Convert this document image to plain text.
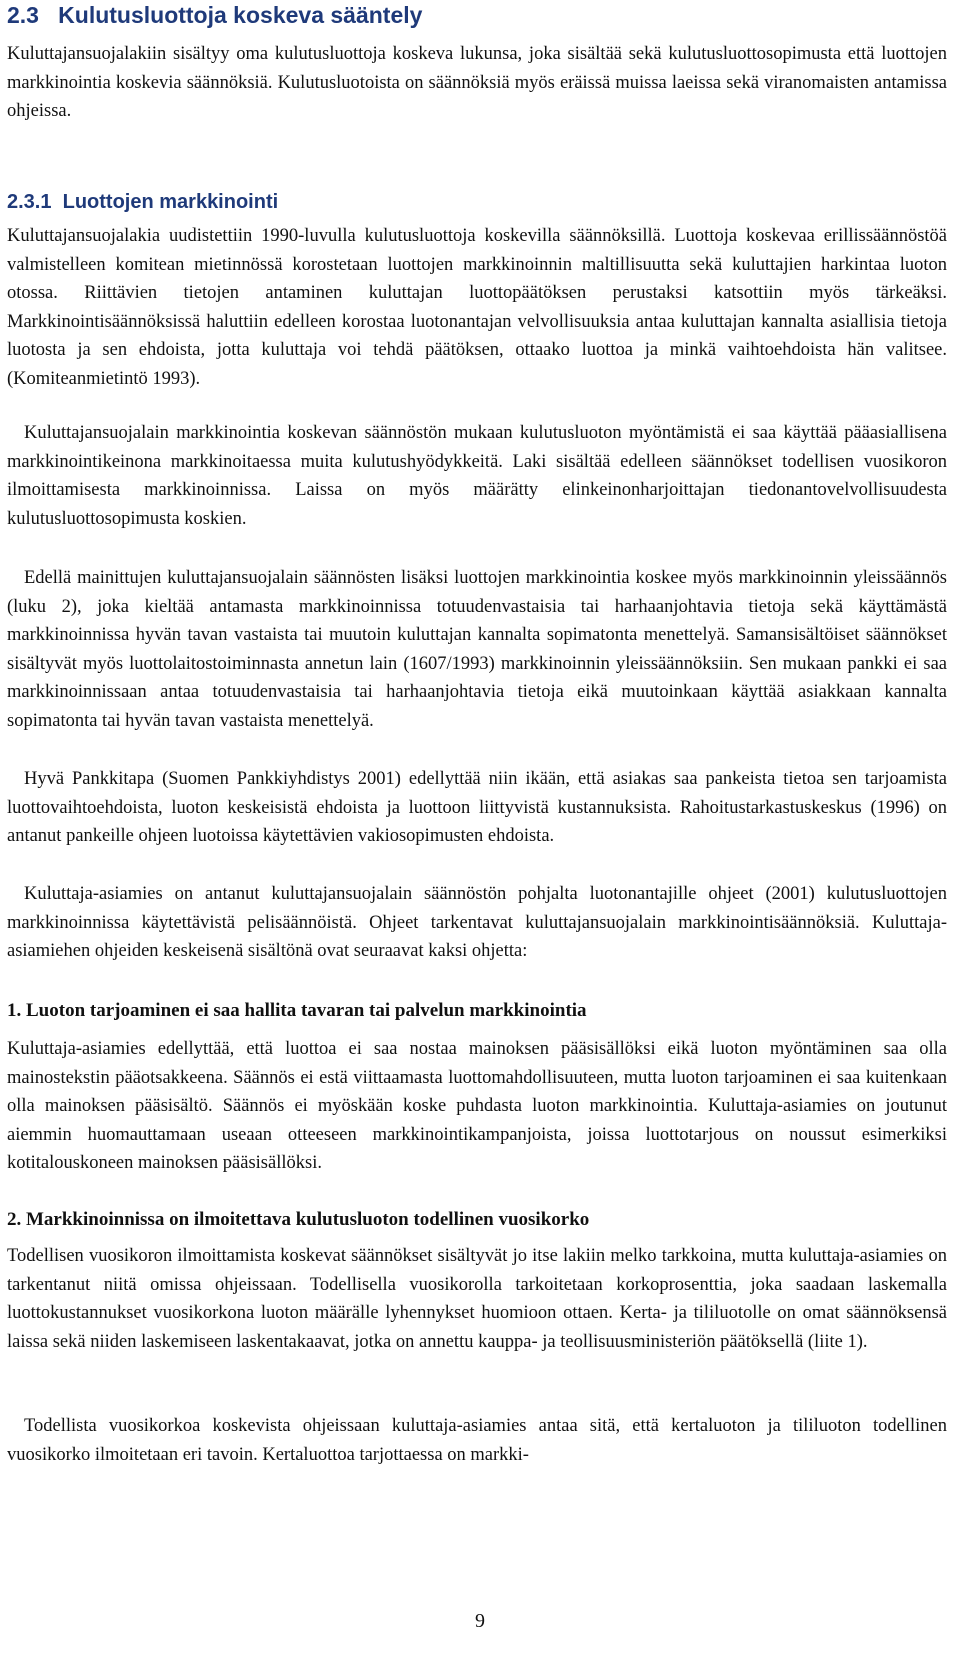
2.3 Kulutusluottoja koskeva sääntely

Kuluttajansuojalakiin sisältyy oma kulutusluottoja koskeva lukunsa, joka sisältää sekä kulutusluottosopimusta että luottojen markkinointia koskevia säännöksiä. Kulutusluotoista on säännöksiä myös eräissä muissa laeissa sekä viranomaisten antamissa ohjeissa.

2.3.1 Luottojen markkinointi

Kuluttajansuojalakia uudistettiin 1990-luvulla kulutusluottoja koskevilla säännöksillä. Luottoja koskevaa erillissäännöstöä valmistelleen komitean mietinnössä korostetaan luottojen markkinoinnin maltillisuutta sekä kuluttajien harkintaa luoton otossa. Riittävien tietojen antaminen kuluttajan luottopäätöksen perustaksi katsottiin myös tärkeäksi. Markkinointisäännöksissä haluttiin edelleen korostaa luotonantajan velvollisuuksia antaa kuluttajan kannalta asiallisia tietoja luotosta ja sen ehdoista, jotta kuluttaja voi tehdä päätöksen, ottaako luottoa ja minkä vaihtoehdoista hän valitsee. (Komiteanmietintö 1993).

Kuluttajansuojalain markkinointia koskevan säännöstön mukaan kulutusluoton myöntämistä ei saa käyttää pääasiallisena markkinointikeinona markkinoitaessa muita kulutushyödykkeitä. Laki sisältää edelleen säännökset todellisen vuosikoron ilmoittamisesta markkinoinnissa. Laissa on myös määrätty elinkeinonharjoittajan tiedonantovelvollisuudesta kulutusluottosopimusta koskien.

Edellä mainittujen kuluttajansuojalain säännösten lisäksi luottojen markkinointia koskee myös markkinoinnin yleissäännös (luku 2), joka kieltää antamasta markkinoinnissa totuudenvastaisia tai harhaanjohtavia tietoja sekä käyttämästä markkinoinnissa hyvän tavan vastaista tai muutoin kuluttajan kannalta sopimatonta menettelyä. Samansisältöiset säännökset sisältyvät myös luottolaitostoiminnasta annetun lain (1607/1993) markkinoinnin yleissäännöksiin. Sen mukaan pankki ei saa markkinoinnissaan antaa totuudenvastaisia tai harhaanjohtavia tietoja eikä muutoinkaan käyttää asiakkaan kannalta sopimatonta tai hyvän tavan vastaista menettelyä.

Hyvä Pankkitapa (Suomen Pankkiyhdistys 2001) edellyttää niin ikään, että asiakas saa pankeista tietoa sen tarjoamista luottovaihtoehdoista, luoton keskeisistä ehdoista ja luottoon liittyvistä kustannuksista. Rahoitustarkastuskeskus (1996) on antanut pankeille ohjeen luotoissa käytettävien vakiosopimusten ehdoista.

Kuluttaja-asiamies on antanut kuluttajansuojalain säännöstön pohjalta luotonantajille ohjeet (2001) kulutusluottojen markkinoinnissa käytettävistä pelisäännöistä. Ohjeet tarkentavat kuluttajansuojalain markkinointisäännöksiä. Kuluttaja-asiamiehen ohjeiden keskeisenä sisältönä ovat seuraavat kaksi ohjetta:

1. Luoton tarjoaminen ei saa hallita tavaran tai palvelun markkinointia

Kuluttaja-asiamies edellyttää, että luottoa ei saa nostaa mainoksen pääsisällöksi eikä luoton myöntäminen saa olla mainostekstin pääotsakkeena. Säännös ei estä viittaamasta luottomahdollisuuteen, mutta luoton tarjoaminen ei saa kuitenkaan olla mainoksen pääsisältö. Säännös ei myöskään koske puhdasta luoton markkinointia. Kuluttaja-asiamies on joutunut aiemmin huomauttamaan useaan otteeseen markkinointikampanjoista, joissa luottotarjous on noussut esimerkiksi kotitalouskoneen mainoksen pääsisällöksi.

2. Markkinoinnissa on ilmoitettava kulutusluoton todellinen vuosikorko

Todellisen vuosikoron ilmoittamista koskevat säännökset sisältyvät jo itse lakiin melko tarkkoina, mutta kuluttaja-asiamies on tarkentanut niitä omissa ohjeissaan. Todellisella vuosikorolla tarkoitetaan korkoprosenttia, joka saadaan laskemalla luottokustannukset vuosikorkona luoton määrälle lyhennykset huomioon ottaen. Kerta- ja tililuotolle on omat säännöksensä laissa sekä niiden laskemiseen laskentakaavat, jotka on annettu kauppa- ja teollisuusministeriön päätöksellä (liite 1).

Todellista vuosikorkoa koskevista ohjeissaan kuluttaja-asiamies antaa sitä, että kertaluoton ja tililuoton todellinen vuosikorko ilmoitetaan eri tavoin. Kertaluottoa tarjottaessa on markki-

9
